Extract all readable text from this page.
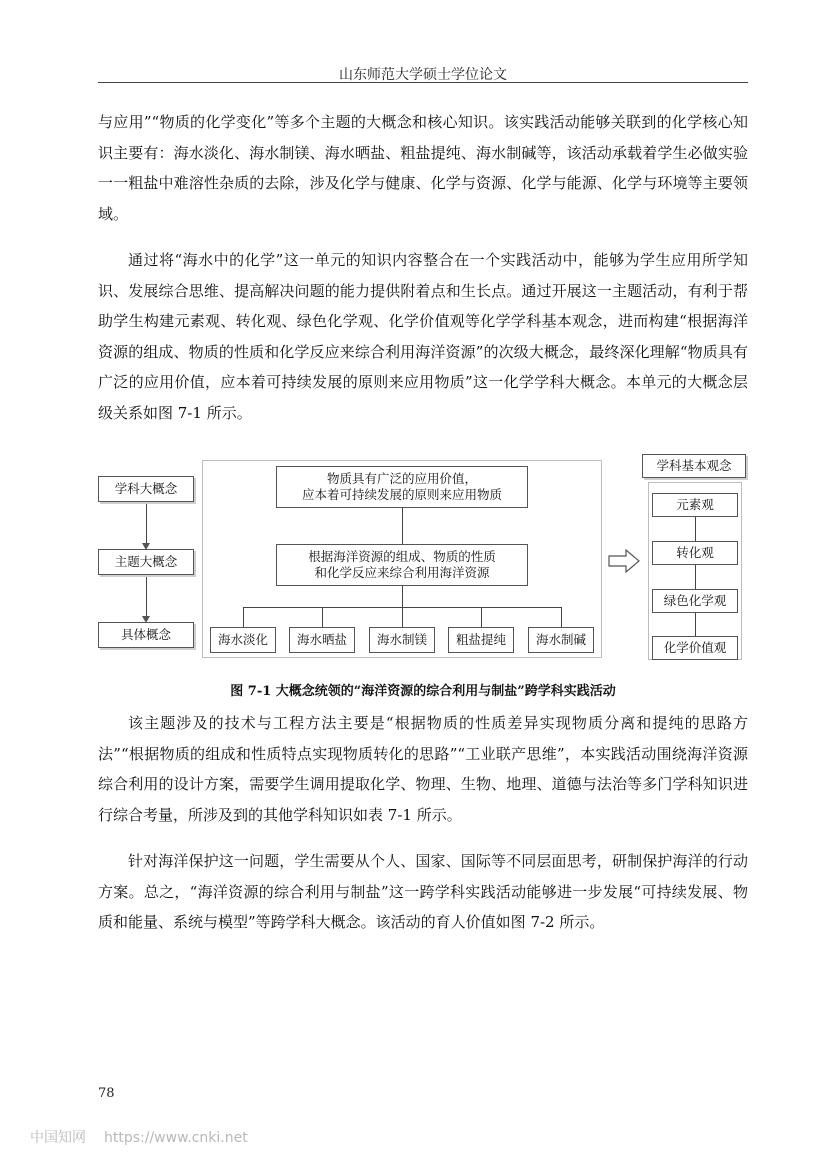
山东师范大学硕士学位论文

与应用”“物质的化学变化”等多个主题的大概念和核心知识。该实践活动能够关联到的化学核心知识主要有：海水淡化、海水制镁、海水晒盐、粗盐提纯、海水制碱等，该活动承载着学生必做实验一一粗盐中难溶性杂质的去除，涉及化学与健康、化学与资源、化学与能源、化学与环境等主要领域。

通过将“海水中的化学”这一单元的知识内容整合在一个实践活动中，能够为学生应用所学知识、发展综合思维、提高解决问题的能力提供附着点和生长点。通过开展这一主题活动，有利于帮助学生构建元素观、转化观、绿色化学观、化学价值观等化学学科基本观念，进而构建“根据海洋资源的组成、物质的性质和化学反应来综合利用海洋资源”的次级大概念，最终深化理解“物质具有广泛的应用价值，应本着可持续发展的原则来应用物质”这一化学学科大概念。本单元的大概念层级关系如图 7-1 所示。

学科大概念
主题大概念
具体概念
物质具有广泛的应用价值，
应本着可持续发展的原则来应用物质
根据海洋资源的组成、物质的性质
和化学反应来综合利用海洋资源
海水淡化 海水晒盐 海水制镁 粗盐提纯 海水制碱
学科基本观念
元素观
转化观
绿色化学观
化学价值观
图 7-1 大概念统领的“海洋资源的综合利用与制盐”跨学科实践活动

该主题涉及的技术与工程方法主要是“根据物质的性质差异实现物质分离和提纯的思路方法”“根据物质的组成和性质特点实现物质转化的思路”“工业联产思维”，本实践活动围绕海洋资源综合利用的设计方案，需要学生调用提取化学、物理、生物、地理、道德与法治等多门学科知识进行综合考量，所涉及到的其他学科知识如表 7-1 所示。

针对海洋保护这一问题，学生需要从个人、国家、国际等不同层面思考，研制保护海洋的行动方案。总之，“海洋资源的综合利用与制盐”这一跨学科实践活动能够进一步发展“可持续发展、物质和能量、系统与模型”等跨学科大概念。该活动的育人价值如图 7-2 所示。

78
中国知网 https://www.cnki.net
